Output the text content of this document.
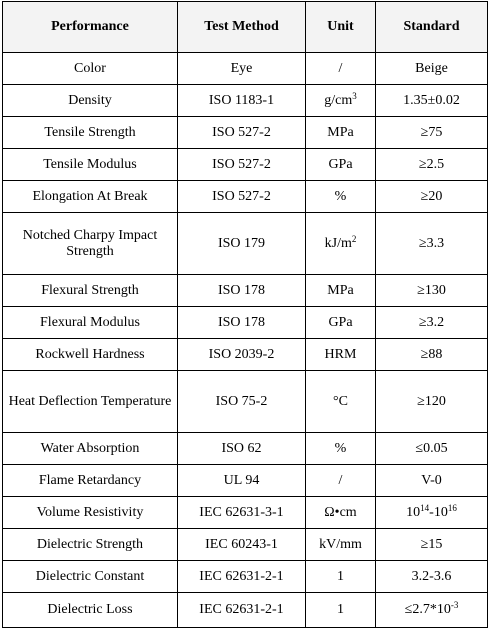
Performance	Test Method	Unit	Standard
Color	Eye	/	Beige
Density	ISO 1183-1	$g/cm^3$	1.35±0.02
Tensile Strength	ISO 527-2	MPa	≥75
Tensile Modulus	ISO 527-2	GPa	≥2.5
Elongation At Break	ISO 527-2	%	≥20
Notched Charpy Impact Strength	ISO 179	$kJ/m^2$	≥3.3
Flexural Strength	ISO 178	MPa	≥130
Flexural Modulus	ISO 178	GPa	≥3.2
Rockwell Hardness	ISO 2039-2	HRM	≥88
Heat Deflection Temperature	ISO 75-2	°C	≥120
Water Absorption	ISO 62	%	≤0.05
Flame Retardancy	UL 94	/	V-0
Volume Resistivity	IEC 62631-3-1	Ω•cm	$10^{14}-10^{16}$
Dielectric Strength	IEC 60243-1	kV/mm	≥15
Dielectric Constant	IEC 62631-2-1	1	3.2-3.6
Dielectric Loss	IEC 62631-2-1	1	$\le 2.7*10^{-3}$
